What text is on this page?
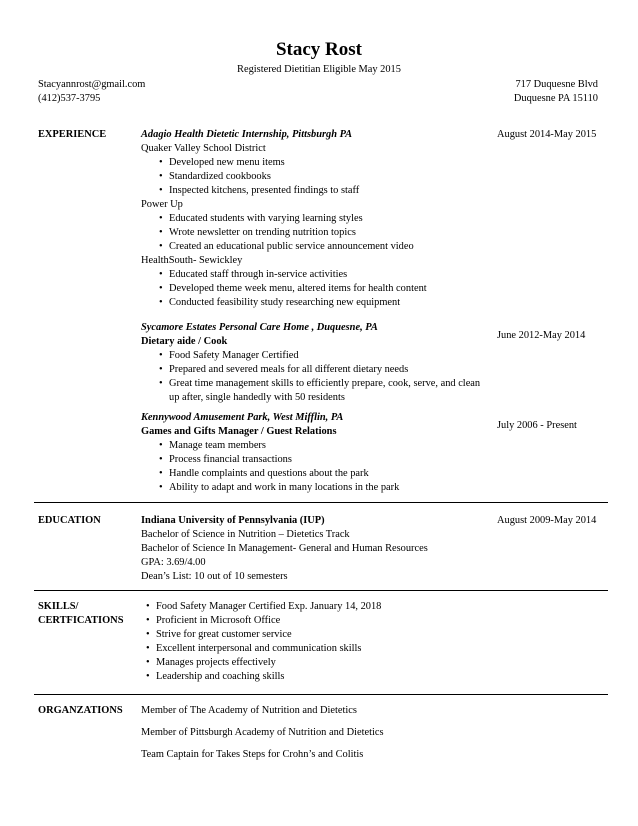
Stacy Rost
Registered Dietitian Eligible May 2015
Stacyannrost@gmail.com
(412)537-3795
717 Duquesne Blvd
Duquesne PA 15110
EXPERIENCE	Adagio Health Dietetic Internship, Pittsburgh PA
Quaker Valley School District
• Developed new menu items
• Standardized cookbooks
• Inspected kitchens, presented findings to staff
Power Up
• Educated students with varying learning styles
• Wrote newsletter on trending nutrition topics
• Created an educational public service announcement video
HealthSouth- Sewickley
• Educated staff through in-service activities
• Developed theme week menu, altered items for health content
• Conducted feasibility study researching new equipment
August 2014-May 2015
Sycamore Estates Personal Care Home , Duquesne, PA
Dietary aide / Cook
• Food Safety Manager Certified
• Prepared and severed meals for all different dietary needs
• Great time management skills to efficiently prepare, cook, serve, and clean up after, single handedly with 50 residents
June 2012-May 2014
Kennywood Amusement Park, West Mifflin, PA
Games and Gifts Manager / Guest Relations
• Manage team members
• Process financial transactions
• Handle complaints and questions about the park
• Ability to adapt and work in many locations in the park
July 2006 - Present
EDUCATION	Indiana University of Pennsylvania (IUP)
Bachelor of Science in Nutrition – Dietetics Track
Bachelor of Science In Management- General and Human Resources
GPA: 3.69/4.00
Dean’s List: 10 out of 10 semesters
August 2009-May 2014
SKILLS/
CERTFICATIONS
• Food Safety Manager Certified Exp. January 14, 2018
• Proficient in Microsoft Office
• Strive for great customer service
• Excellent interpersonal and communication skills
• Manages projects effectively
• Leadership and coaching skills
ORGANZATIONS Member of The Academy of Nutrition and Dietetics
Member of Pittsburgh Academy of Nutrition and Dietetics
Team Captain for Takes Steps for Crohn’s and Colitis
